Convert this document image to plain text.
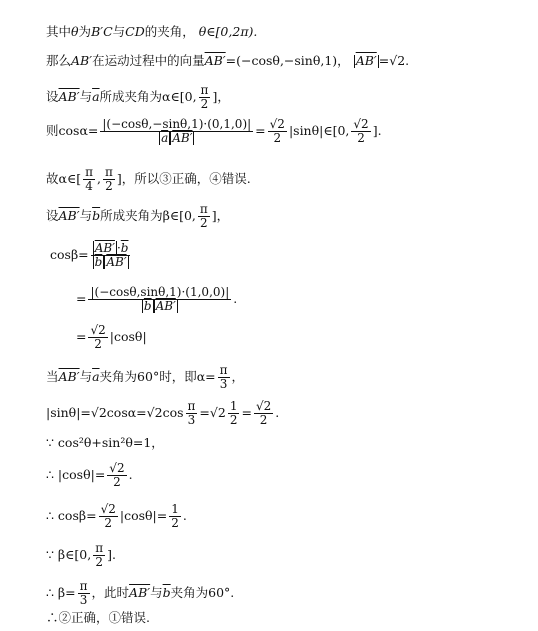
其中 θ 为 B′C 与 CD 的夹角， θ∈[0,2π).
那么 AB′ 在运动过程中的向量 AB′ =(−cosθ,−sinθ,1)， AB′ =√2.
设 AB′ 与 $\overline{a}$ 所成夹角为α∈[0, $\frac{\pi}{2}$ ]，
则$\cos\alpha= \frac{|(-\cos\theta,-\sin\theta,1)\cdot(0,1,0)|}{\overline{a} AB'} = \frac{√2}{2}$ |sinθ|∈[0, $\frac{√2}{2}$ ].
故α∈[ $\frac{\pi}{4}$ , $\frac{\pi}{2}$ ]，所以③正确，④错误.
设 AB′ 与 $\overline{b}$ 所成夹角为β∈[0, $\frac{\pi}{2}$ ]，
$\cos\beta= \frac{AB' \cdot\overline{b}}{\overline{b} AB'}$
= $\frac{|(-\cos\theta,\sin\theta,1)\cdot(1,0,0)|}{\overline{b} AB'}$ .
= $\frac{√2}{2} |\cos\theta|$
当 AB′ 与 $\overline{a}$ 夹角为60°时，即$\alpha= \frac{\pi}{3}$ ，
$|\sin\theta|=√2\cos\alpha=√2\cos \frac{\pi}{3} =√2 \frac{1}{2} = \frac{√2}{2}$ .
∵ cos²θ+sin²θ=1，
∴ $|\cos\theta|= \frac{√2}{2}$ .
∴ $\cos\beta= \frac{√2}{2} |\cos\theta|= \frac{1}{2}$ .
∵ β∈[0, $\frac{\pi}{2}$ ].
∴ $\beta= \frac{\pi}{3}$ ，此时 AB′ 与 $\overline{b}$ 夹角为60°.
∴②正确，①错误.
